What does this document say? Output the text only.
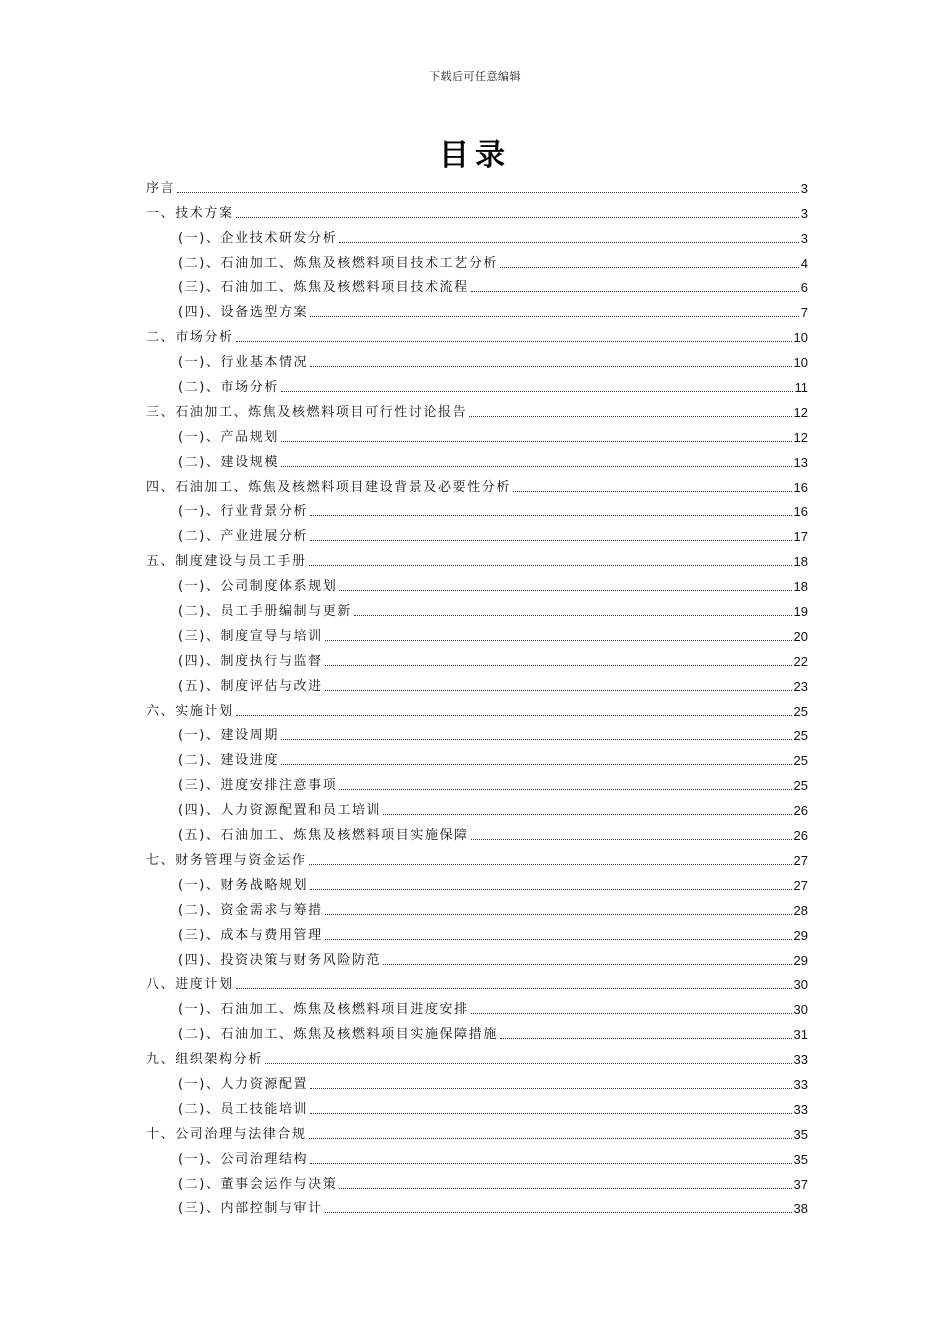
下载后可任意编辑
目录
序言	3
一、技术方案	3
(一)、企业技术研发分析	3
(二)、石油加工、炼焦及核燃料项目技术工艺分析	4
(三)、石油加工、炼焦及核燃料项目技术流程	6
(四)、设备选型方案	7
二、市场分析	10
(一)、行业基本情况	10
(二)、市场分析	11
三、石油加工、炼焦及核燃料项目可行性讨论报告	12
(一)、产品规划	12
(二)、建设规模	13
四、石油加工、炼焦及核燃料项目建设背景及必要性分析	16
(一)、行业背景分析	16
(二)、产业进展分析	17
五、制度建设与员工手册	18
(一)、公司制度体系规划	18
(二)、员工手册编制与更新	19
(三)、制度宣导与培训	20
(四)、制度执行与监督	22
(五)、制度评估与改进	23
六、实施计划	25
(一)、建设周期	25
(二)、建设进度	25
(三)、进度安排注意事项	25
(四)、人力资源配置和员工培训	26
(五)、石油加工、炼焦及核燃料项目实施保障	26
七、财务管理与资金运作	27
(一)、财务战略规划	27
(二)、资金需求与筹措	28
(三)、成本与费用管理	29
(四)、投资决策与财务风险防范	29
八、进度计划	30
(一)、石油加工、炼焦及核燃料项目进度安排	30
(二)、石油加工、炼焦及核燃料项目实施保障措施	31
九、组织架构分析	33
(一)、人力资源配置	33
(二)、员工技能培训	33
十、公司治理与法律合规	35
(一)、公司治理结构	35
(二)、董事会运作与决策	37
(三)、内部控制与审计	38
